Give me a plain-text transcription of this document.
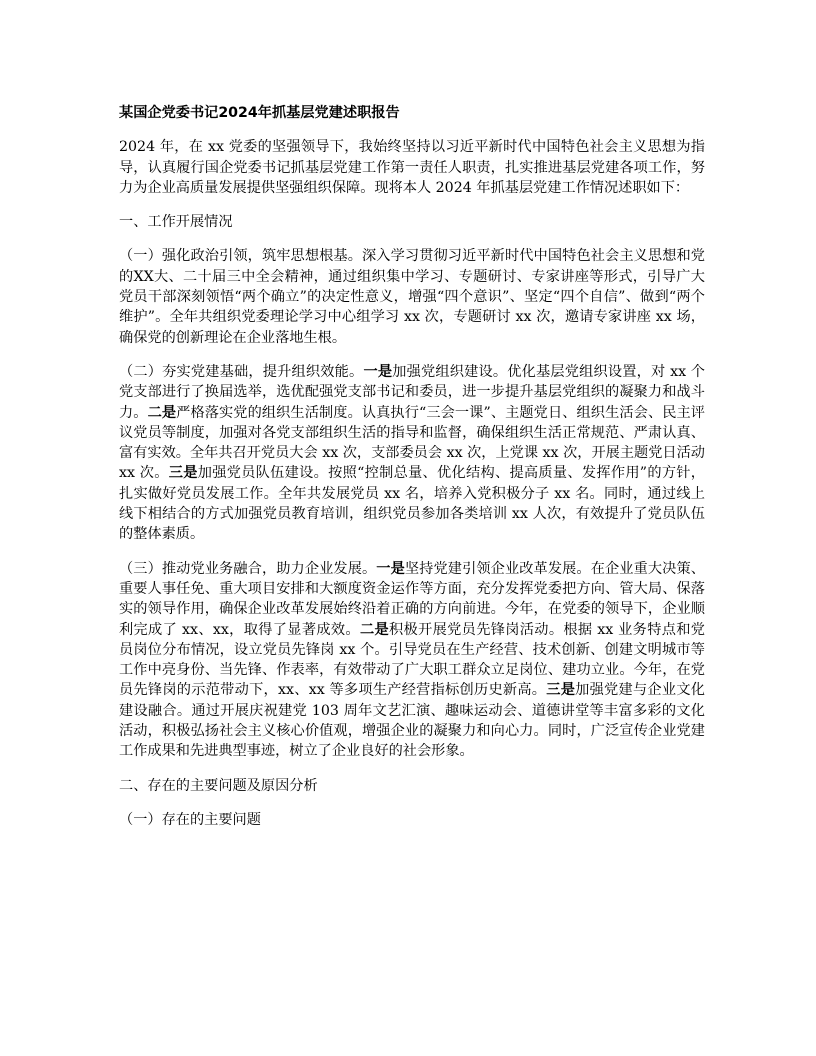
某国企党委书记2024年抓基层党建述职报告

2024 年，在 xx 党委的坚强领导下，我始终坚持以习近平新时代中国特色社会主义思想为指导，认真履行国企党委书记抓基层党建工作第一责任人职责，扎实推进基层党建各项工作，努力为企业高质量发展提供坚强组织保障。现将本人 2024 年抓基层党建工作情况述职如下：

一、工作开展情况

（一）强化政治引领，筑牢思想根基。深入学习贯彻习近平新时代中国特色社会主义思想和党的XX大、二十届三中全会精神，通过组织集中学习、专题研讨、专家讲座等形式，引导广大党员干部深刻领悟“两个确立”的决定性意义，增强“四个意识”、坚定“四个自信”、做到“两个维护”。全年共组织党委理论学习中心组学习 xx 次，专题研讨 xx 次，邀请专家讲座 xx 场，确保党的创新理论在企业落地生根。

（二）夯实党建基础，提升组织效能。一是加强党组织建设。优化基层党组织设置，对 xx 个党支部进行了换届选举，选优配强党支部书记和委员，进一步提升基层党组织的凝聚力和战斗力。二是严格落实党的组织生活制度。认真执行“三会一课”、主题党日、组织生活会、民主评议党员等制度，加强对各党支部组织生活的指导和监督，确保组织生活正常规范、严肃认真、富有实效。全年共召开党员大会 xx 次，支部委员会 xx 次，上党课 xx 次，开展主题党日活动 xx 次。三是加强党员队伍建设。按照“控制总量、优化结构、提高质量、发挥作用”的方针，扎实做好党员发展工作。全年共发展党员 xx 名，培养入党积极分子 xx 名。同时，通过线上线下相结合的方式加强党员教育培训，组织党员参加各类培训 xx 人次，有效提升了党员队伍的整体素质。

（三）推动党业务融合，助力企业发展。一是坚持党建引领企业改革发展。在企业重大决策、重要人事任免、重大项目安排和大额度资金运作等方面，充分发挥党委把方向、管大局、保落实的领导作用，确保企业改革发展始终沿着正确的方向前进。今年，在党委的领导下，企业顺利完成了 xx、xx，取得了显著成效。二是积极开展党员先锋岗活动。根据 xx 业务特点和党员岗位分布情况，设立党员先锋岗 xx 个。引导党员在生产经营、技术创新、创建文明城市等工作中亮身份、当先锋、作表率，有效带动了广大职工群众立足岗位、建功立业。今年，在党员先锋岗的示范带动下，xx、xx 等多项生产经营指标创历史新高。三是加强党建与企业文化建设融合。通过开展庆祝建党 103 周年文艺汇演、趣味运动会、道德讲堂等丰富多彩的文化活动，积极弘扬社会主义核心价值观，增强企业的凝聚力和向心力。同时，广泛宣传企业党建工作成果和先进典型事迹，树立了企业良好的社会形象。

二、存在的主要问题及原因分析

（一）存在的主要问题
